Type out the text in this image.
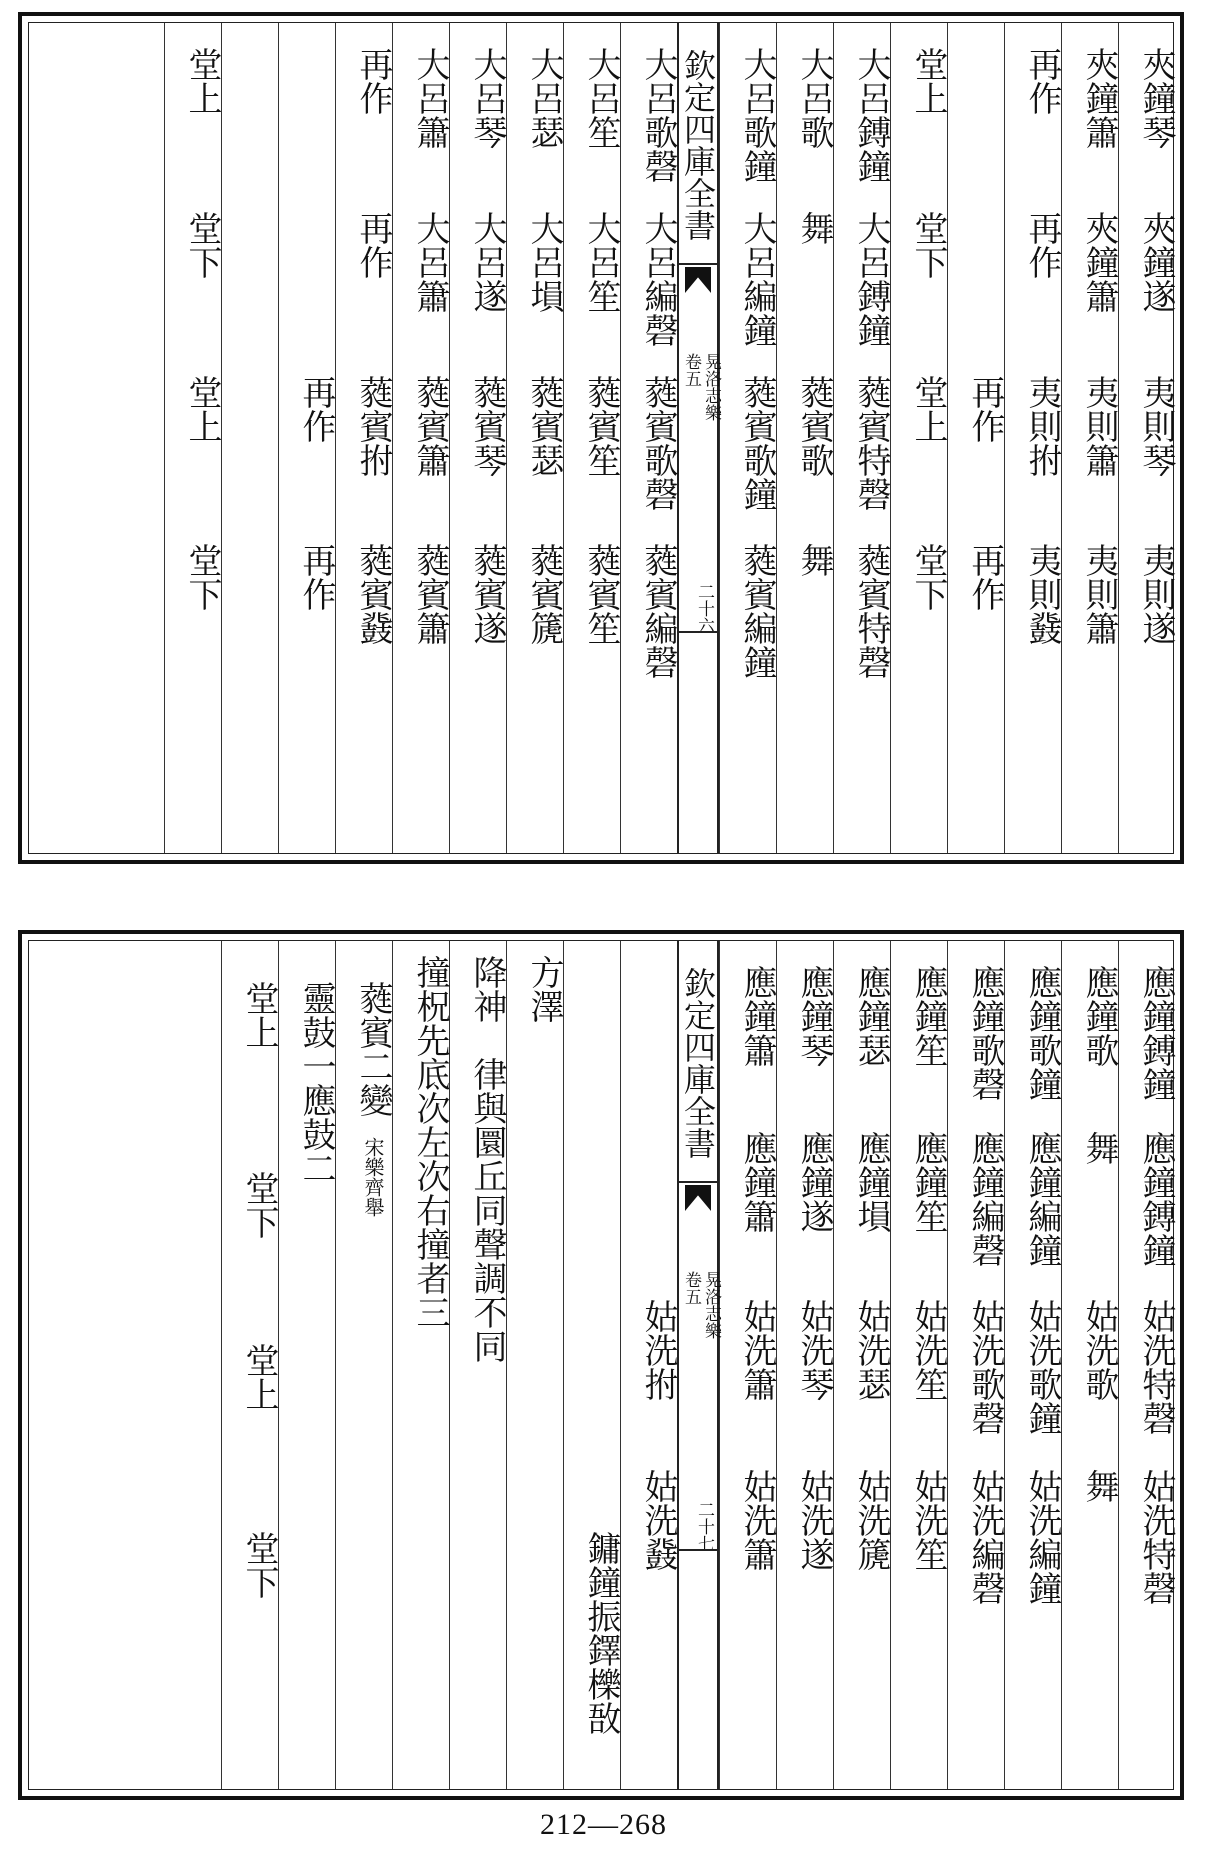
夾鐘琴
夾鐘遂
夷則琴
夷則遂
夾鐘簫
夾鐘簫
夷則簫
夷則簫
再作
再作
夷則拊
夷則鼗
再作
再作
堂上
堂下
堂上
堂下
大呂鎛鐘
大呂鎛鐘
蕤賓特磬
蕤賓特磬
大呂歌
舞
蕤賓歌
舞
大呂歌鐘
大呂編鐘
蕤賓歌鐘
蕤賓編鐘
欽定四庫全書
晃洛志樂
卷五
二十六
大呂歌磬
大呂編磬
蕤賓歌磬
蕤賓編磬
大呂笙
大呂笙
蕤賓笙
蕤賓笙
大呂瑟
大呂塤
蕤賓瑟
蕤賓篪
大呂琴
大呂遂
蕤賓琴
蕤賓遂
大呂簫
大呂簫
蕤賓簫
蕤賓簫
再作
再作
蕤賓拊
蕤賓鼗
再作
再作
堂上
堂下
堂上
堂下
應鐘鎛鐘
應鐘鎛鐘
姑洗特磬
姑洗特磬
應鐘歌
舞
姑洗歌
舞
應鐘歌鐘
應鐘編鐘
姑洗歌鐘
姑洗編鐘
應鐘歌磬
應鐘編磬
姑洗歌磬
姑洗編磬
應鐘笙
應鐘笙
姑洗笙
姑洗笙
應鐘瑟
應鐘塤
姑洗瑟
姑洗篪
應鐘琴
應鐘遂
姑洗琴
姑洗遂
應鐘簫
應鐘簫
姑洗簫
姑洗簫
欽定四庫全書
晃洛志樂
卷五
二十七
姑洗拊
姑洗鼗
鏞鐘振鐸櫟敔
方澤
降神　律與圜丘同聲調不同
撞柷先底次左次右撞者三
蕤賓二變
宋樂齊舉
靈鼓一應鼓二
堂上
堂下
堂上
堂下
212—268
